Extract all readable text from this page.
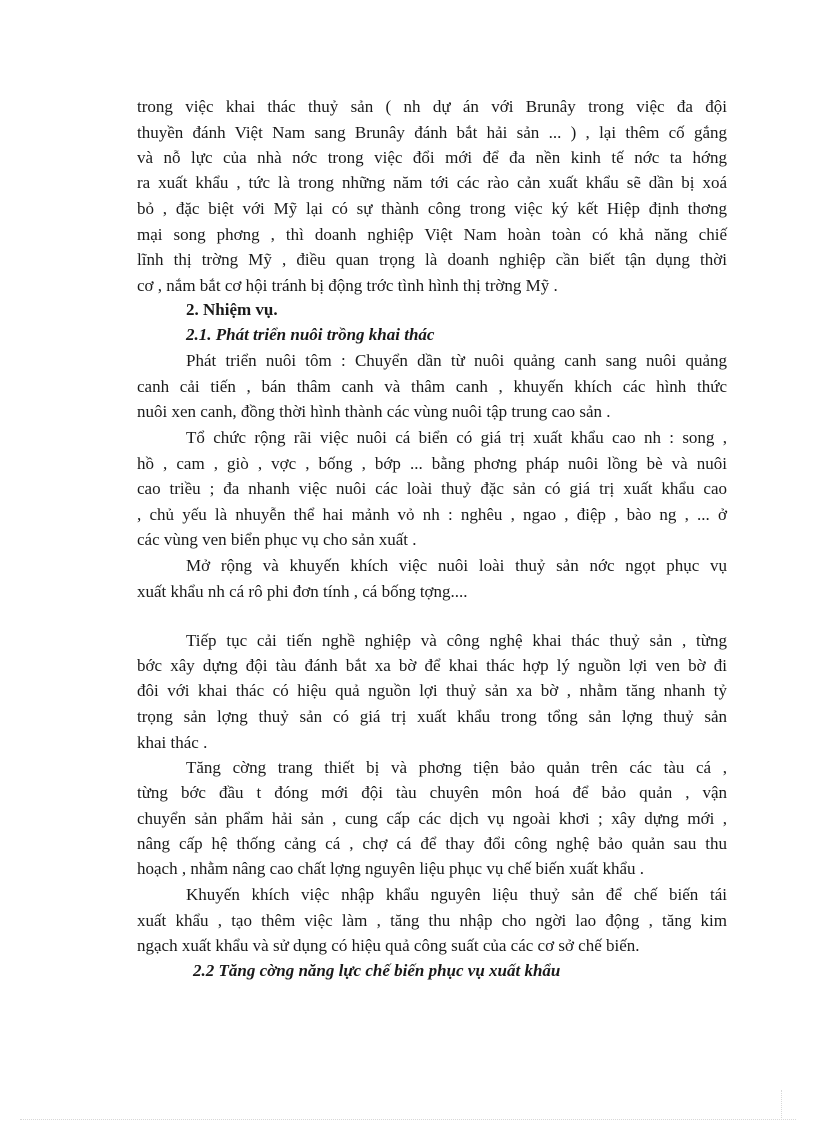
trong việc khai thác thuỷ sản ( nh dự án với Brunây trong việc đa đội
thuyền đánh Việt Nam sang Brunây đánh bắt hải sản ... ) , lại thêm cố gắng
và nỗ lực của nhà nớc trong việc đổi mới để đa nền kinh tế nớc ta hớng
ra xuất khẩu , tức là trong những năm tới các rào cản xuất khẩu sẽ dần bị xoá
bỏ , đặc biệt với Mỹ lại có sự thành công trong việc ký kết Hiệp định thơng
mại song phơng , thì doanh nghiệp Việt Nam hoàn toàn có khả năng chiế
lĩnh thị trờng Mỹ , điều quan trọng là doanh nghiệp cần biết tận dụng thời
cơ , nắm bắt cơ hội tránh bị động trớc tình hình thị trờng Mỹ .
2. Nhiệm vụ.
2.1. Phát triển nuôi trồng khai thác
Phát triển nuôi tôm : Chuyển dần từ nuôi quảng canh sang nuôi quảng
canh cải tiến , bán thâm canh và thâm canh , khuyến khích các hình thức
nuôi xen canh, đồng thời hình thành các vùng nuôi tập trung cao sản .
Tổ chức rộng rãi việc nuôi cá biển có giá trị xuất khẩu cao nh : song ,
hồ , cam , giò , vợc , bống , bớp ... bằng phơng pháp nuôi lồng bè và nuôi
cao triều ; đa nhanh việc nuôi các loài thuỷ đặc sản có giá trị xuất khẩu cao
, chủ yếu là nhuyễn thể hai mảnh vỏ nh : nghêu , ngao , điệp , bào ng , ... ở
các vùng ven biển phục vụ cho sản xuất .
Mở rộng và khuyến khích việc nuôi loài thuỷ sản nớc ngọt phục vụ
xuất khẩu nh cá rô phi đơn tính , cá bống tợng....
Tiếp tục cải tiến nghề nghiệp và công nghệ khai thác thuỷ sản , từng
bớc xây dựng đội tàu đánh bắt xa bờ để khai thác hợp lý nguồn lợi ven bờ đi
đôi với khai thác có hiệu quả nguồn lợi thuỷ sản xa bờ , nhằm tăng nhanh tỷ
trọng sản lợng thuỷ sản có giá trị xuất khẩu trong tổng sản lợng thuỷ sản
khai thác .
Tăng cờng trang thiết bị và phơng tiện bảo quản trên các tàu cá ,
từng bớc đầu t đóng mới đội tàu chuyên môn hoá để bảo quản , vận
chuyển sản phẩm hải sản , cung cấp các dịch vụ ngoài khơi ; xây dựng mới ,
nâng cấp hệ thống cảng cá , chợ cá để thay đổi công nghệ bảo quản sau thu
hoạch , nhằm nâng cao chất lợng nguyên liệu phục vụ chế biến xuất khẩu .
Khuyến khích việc nhập khẩu nguyên liệu thuỷ sản để chế biến tái
xuất khẩu , tạo thêm việc làm , tăng thu nhập cho ngời lao động , tăng kim
ngạch xuất khẩu và sử dụng có hiệu quả công suất của các cơ sở chế biến.
2.2 Tăng cờng năng lực chế biến phục vụ xuất khẩu
